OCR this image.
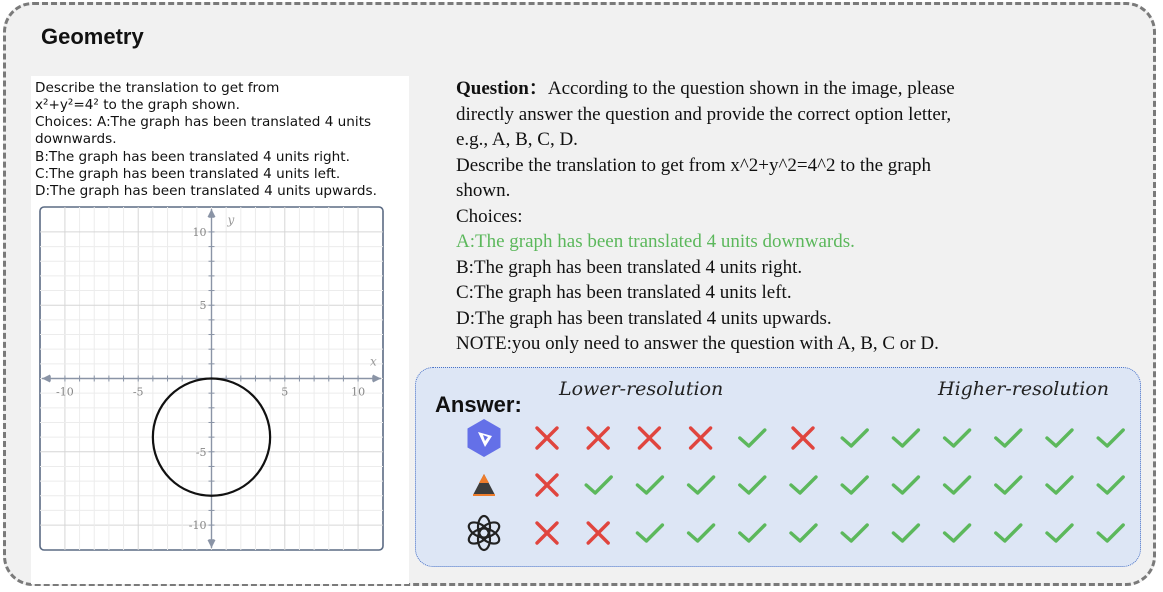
Geometry
Describe the translation to get from
x²+y²=4² to the graph shown.
Choices: A:The graph has been translated 4 units
downwards.
B:The graph has been translated 4 units right.
C:The graph has been translated 4 units left.
D:The graph has been translated 4 units upwards.
-10	-5	5	10
10
5
-5
-10
x
y
Question：According to the question shown in the image, please
directly answer the question and provide the correct option letter,
e.g., A, B, C, D.
Describe the translation to get from x^2+y^2=4^2 to the graph
shown.
Choices:
A:The graph has been translated 4 units downwards.
B:The graph has been translated 4 units right.
C:The graph has been translated 4 units left.
D:The graph has been translated 4 units upwards.
NOTE:you only need to answer the question with A, B, C or D.
Answer:
Lower-resolution	Higher-resolution
